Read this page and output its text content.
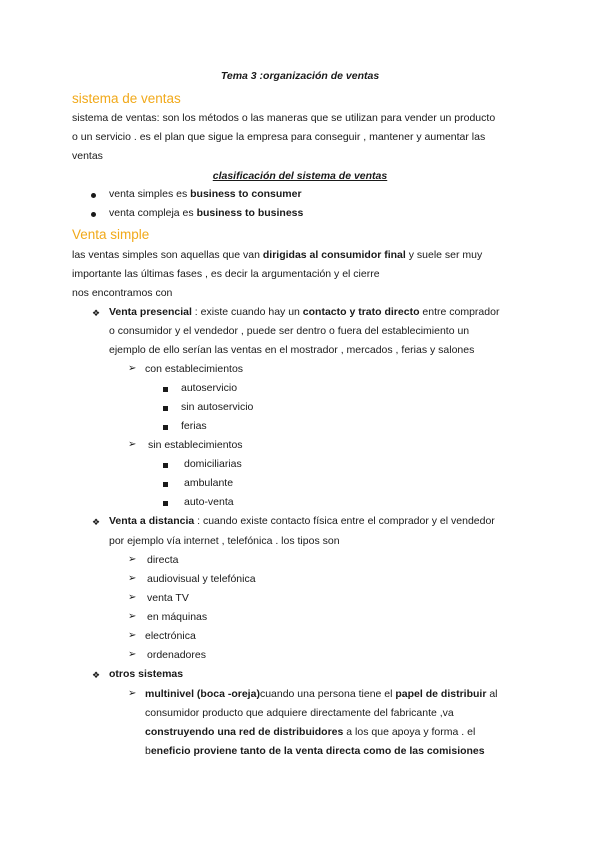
Tema 3 :organización de ventas
sistema de ventas
sistema de ventas: son los métodos o las maneras que se utilizan para vender un producto
o un servicio . es el plan que sigue la empresa para conseguir , mantener y aumentar las
ventas
clasificación del sistema de ventas
venta simples es business to consumer
venta compleja es business to business
Venta simple
las ventas simples son aquellas que van dirigidas al consumidor final y suele ser muy
importante las últimas fases , es decir la argumentación y el cierre
nos encontramos con
❖ Venta presencial : existe cuando hay un contacto y trato directo entre comprador
o consumidor y el vendedor , puede ser dentro o fuera del establecimiento un
ejemplo de ello serían las ventas en el mostrador , mercados , ferias y salones
➢ con establecimientos
autoservicio
sin autoservicio
ferias
➢ sin establecimientos
domiciliarias
ambulante
auto-venta
❖ Venta a distancia : cuando existe contacto física entre el comprador y el vendedor
por ejemplo vía internet , telefónica . los tipos son
➢ directa
➢ audiovisual y telefónica
➢ venta TV
➢ en máquinas
➢ electrónica
➢ ordenadores
❖ otros sistemas
➢ multinivel (boca -oreja)cuando una persona tiene el papel de distribuir al
consumidor producto que adquiere directamente del fabricante ,va
construyendo una red de distribuidores a los que apoya y forma . el
beneficio proviene tanto de la venta directa como de las comisiones
